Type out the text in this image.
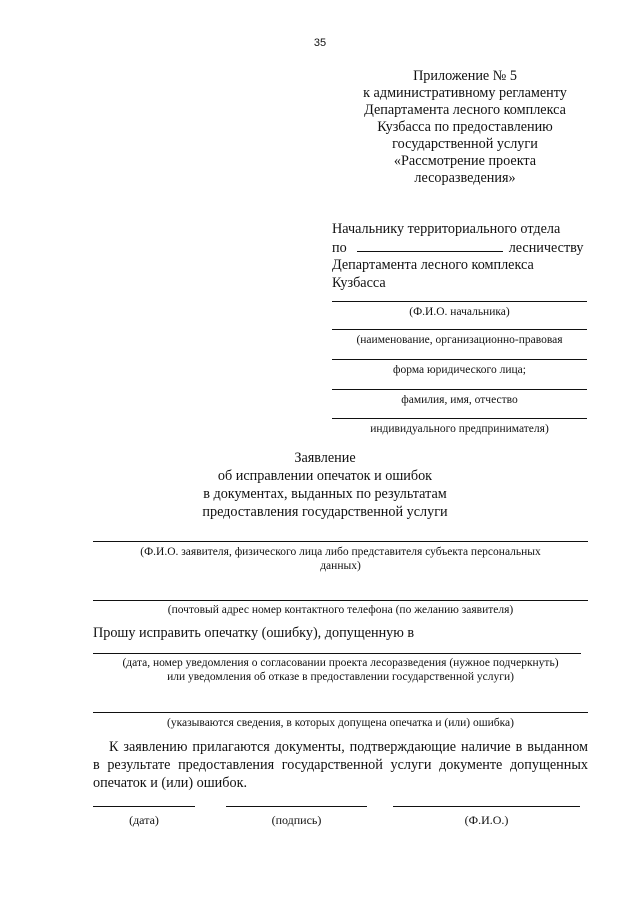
35
Приложение № 5
к административному регламенту
Департамента лесного комплекса
Кузбасса по предоставлению
государственной услуги
«Рассмотрение проекта
лесоразведения»
Начальнику территориального отдела
по	лесничеству
Департамента лесного комплекса
Кузбасса
(Ф.И.О. начальника)
(наименование, организационно-правовая
форма юридического лица;
фамилия, имя, отчество
индивидуального предпринимателя)
Заявление
об исправлении опечаток и ошибок
в документах, выданных по результатам
предоставления государственной услуги
(Ф.И.О. заявителя, физического лица либо представителя субъекта персональных
данных)
(почтовый адрес номер контактного телефона (по желанию заявителя)
Прошу исправить опечатку (ошибку), допущенную в
(дата, номер уведомления о согласовании проекта лесоразведения (нужное подчеркнуть)
или уведомления об отказе в предоставлении государственной услуги)
(указываются сведения, в которых допущена опечатка и (или) ошибка)
К заявлению прилагаются документы, подтверждающие наличие в выданном в результате предоставления государственной услуги документе допущенных опечаток и (или) ошибок.
(дата)	(подпись)	(Ф.И.О.)
